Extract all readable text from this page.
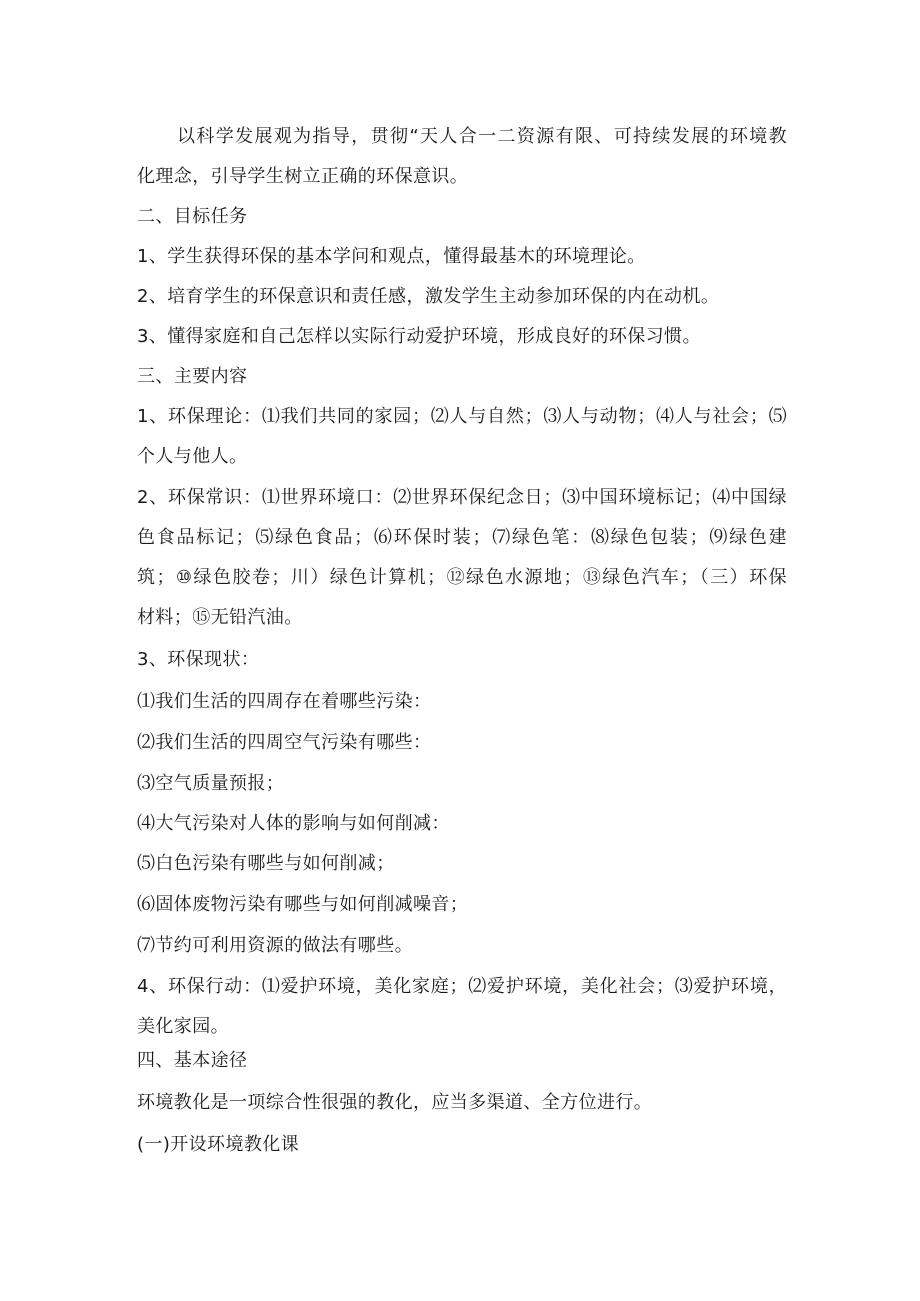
以科学发展观为指导，贯彻“天人合一二资源有限、可持续发展的环境教
化理念，引导学生树立正确的环保意识。
二、目标任务
1、学生获得环保的基本学问和观点，懂得最基木的环境理论。
2、培育学生的环保意识和责任感，激发学生主动参加环保的内在动机。
3、懂得家庭和自己怎样以实际行动爱护环境，形成良好的环保习惯。
三、主要内容
1、环保理论：⑴我们共同的家园；⑵人与自然；⑶人与动物；⑷人与社会；⑸
个人与他人。
2、环保常识：⑴世界环境口：⑵世界环保纪念日；⑶中国环境标记；⑷中国绿
色食品标记；⑸绿色食品；⑹环保时装；⑺绿色笔：⑻绿色包装；⑼绿色建
筑；⑩绿色胶卷；川）绿色计算机；⑫绿色水源地；⑬绿色汽车；（三）环保
材料；⑮无铅汽油。
3、环保现状：
⑴我们生活的四周存在着哪些污染：
⑵我们生活的四周空气污染有哪些：
⑶空气质量预报；
⑷大气污染对人体的影响与如何削减：
⑸白色污染有哪些与如何削减；
⑹固体废物污染有哪些与如何削减噪音；
⑺节约可利用资源的做法有哪些。
4、环保行动：⑴爱护环境，美化家庭；⑵爱护环境，美化社会；⑶爱护环境，
美化家园。
四、基本途径
环境教化是一项综合性很强的教化，应当多渠道、全方位进行。
(一)开设环境教化课
